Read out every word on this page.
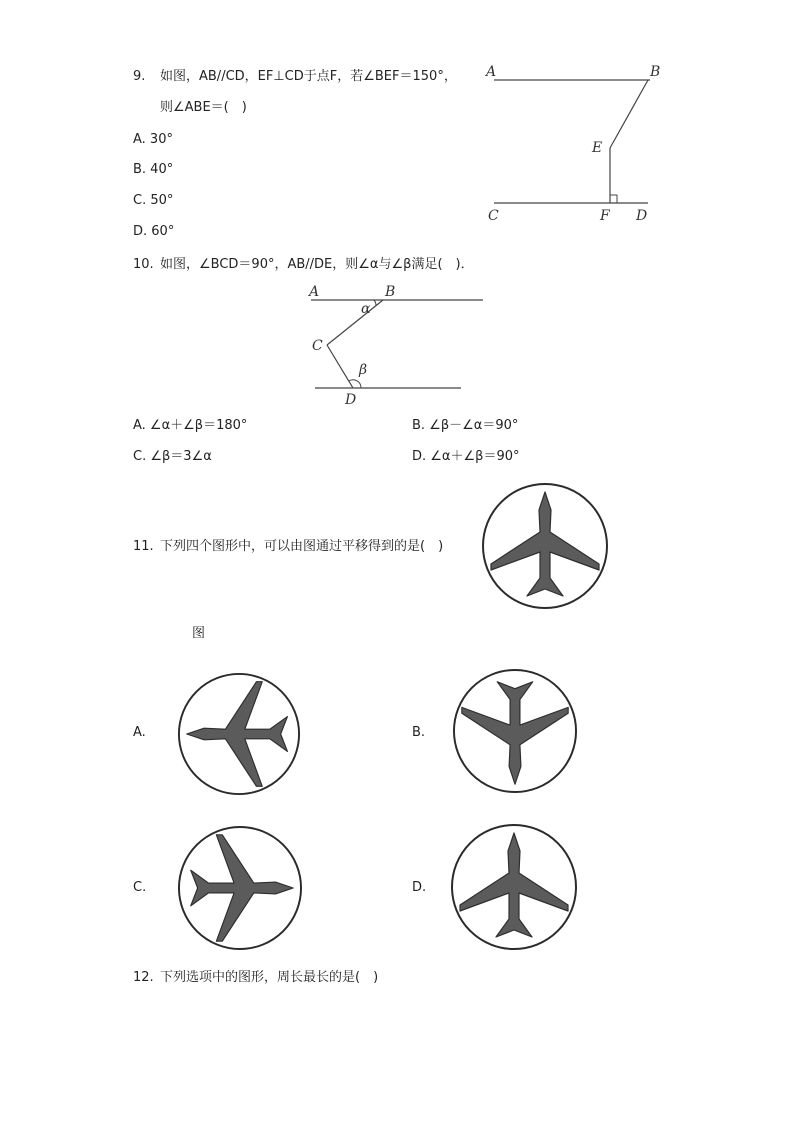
9. 如图，AB//CD，EF⊥CD于点F，若∠BEF＝150°，
则∠ABE＝(　)
A. 30°
B. 40°
C. 50°
D. 60°
A	B
E
C	F D
10. 如图，∠BCD＝90°，AB//DE，则∠α与∠β满足(　)．
A	B
α
C
β
D
A. ∠α＋∠β＝180°	B. ∠β－∠α＝90°
C. ∠β＝3∠α	D. ∠α＋∠β＝90°
11. 下列四个图形中，可以由图通过平移得到的是(　)
图
A.	B.
C.	D.
12. 下列选项中的图形，周长最长的是(　)
